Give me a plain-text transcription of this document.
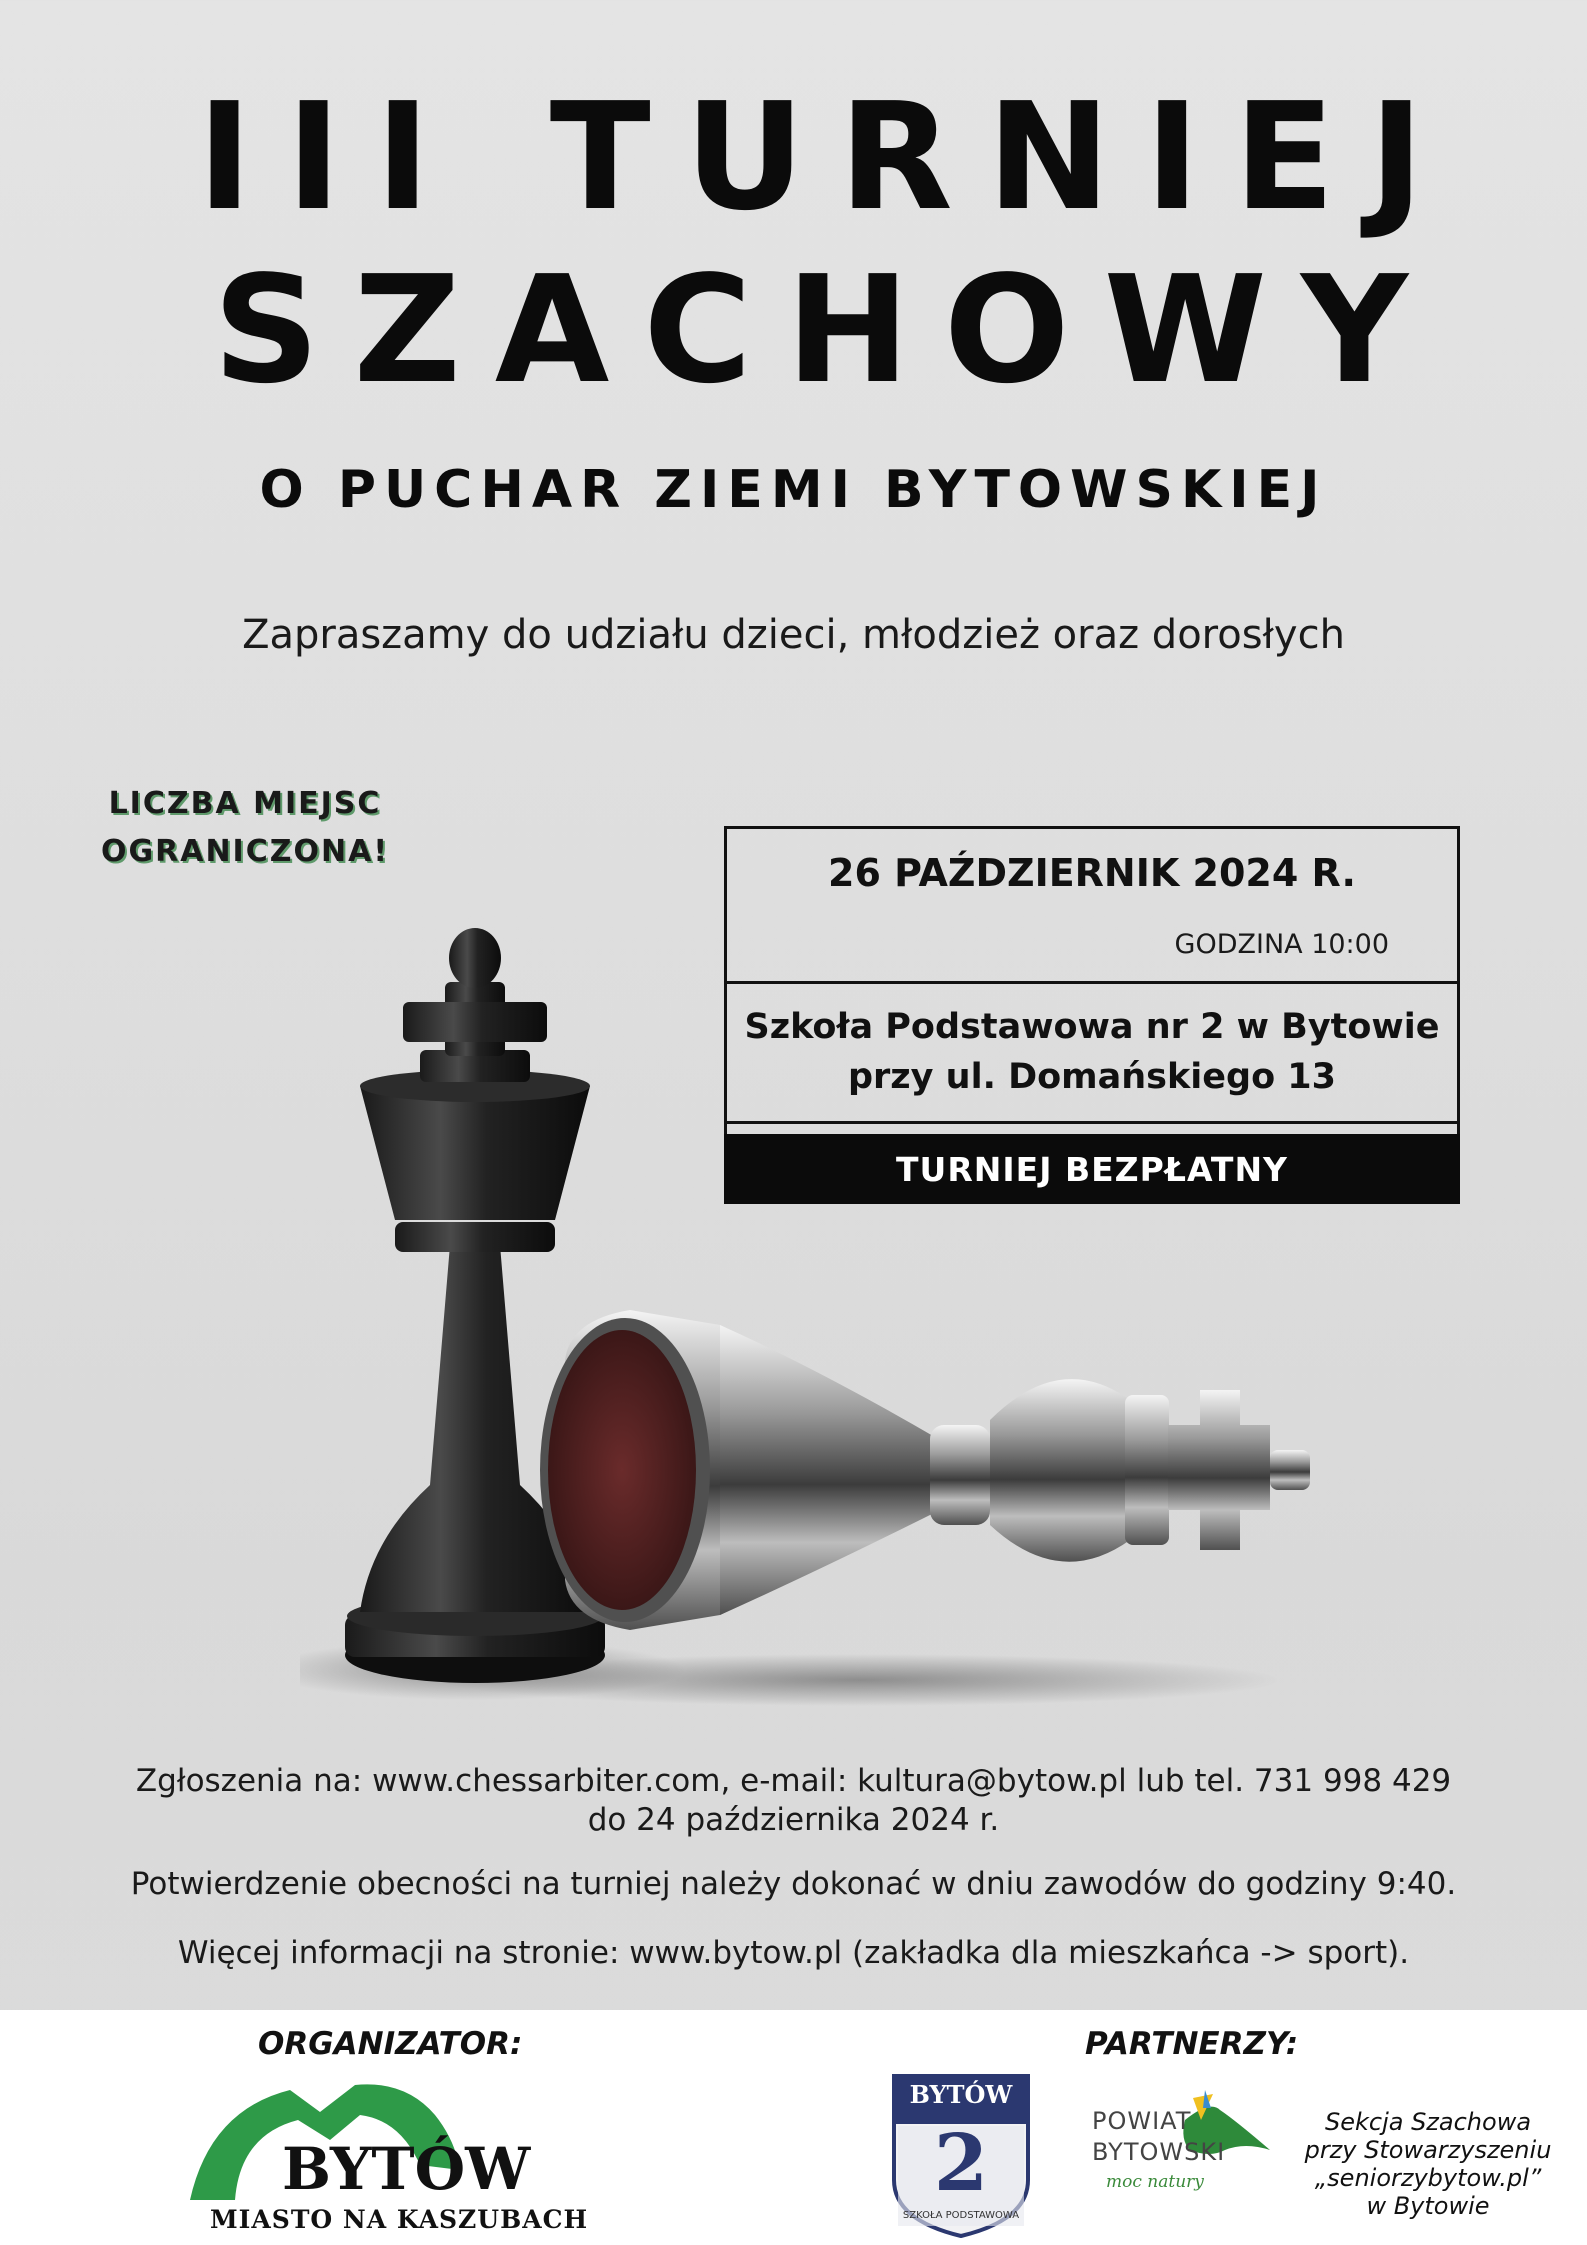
III TURNIEJ
SZACHOWY
O PUCHAR ZIEMI BYTOWSKIEJ
Zapraszamy do udziału dzieci, młodzież oraz dorosłych
LICZBA MIEJSC
OGRANICZONA!	26 PAŹDZIERNIK 2024 R.
GODZINA 10:00
Szkoła Podstawowa nr 2 w Bytowie
przy ul. Domańskiego 13
TURNIEJ BEZPŁATNY
Zgłoszenia na: www.chessarbiter.com, e-mail: kultura@bytow.pl lub tel. 731 998 429
do 24 października 2024 r.
Potwierdzenie obecności na turniej należy dokonać w dniu zawodów do godziny 9:40.
Więcej informacji na stronie: www.bytow.pl (zakładka dla mieszkańca -> sport).
ORGANIZATOR:	PARTNERZY:
BYTÓW
MIASTO NA KASZUBACH
BYTÓW
2
SZKOŁA PODSTAWOWA
POWIAT
BYTOWSKI
moc natury
Sekcja Szachowa
przy Stowarzyszeniu
„seniorzybytow.pl”
w Bytowie
